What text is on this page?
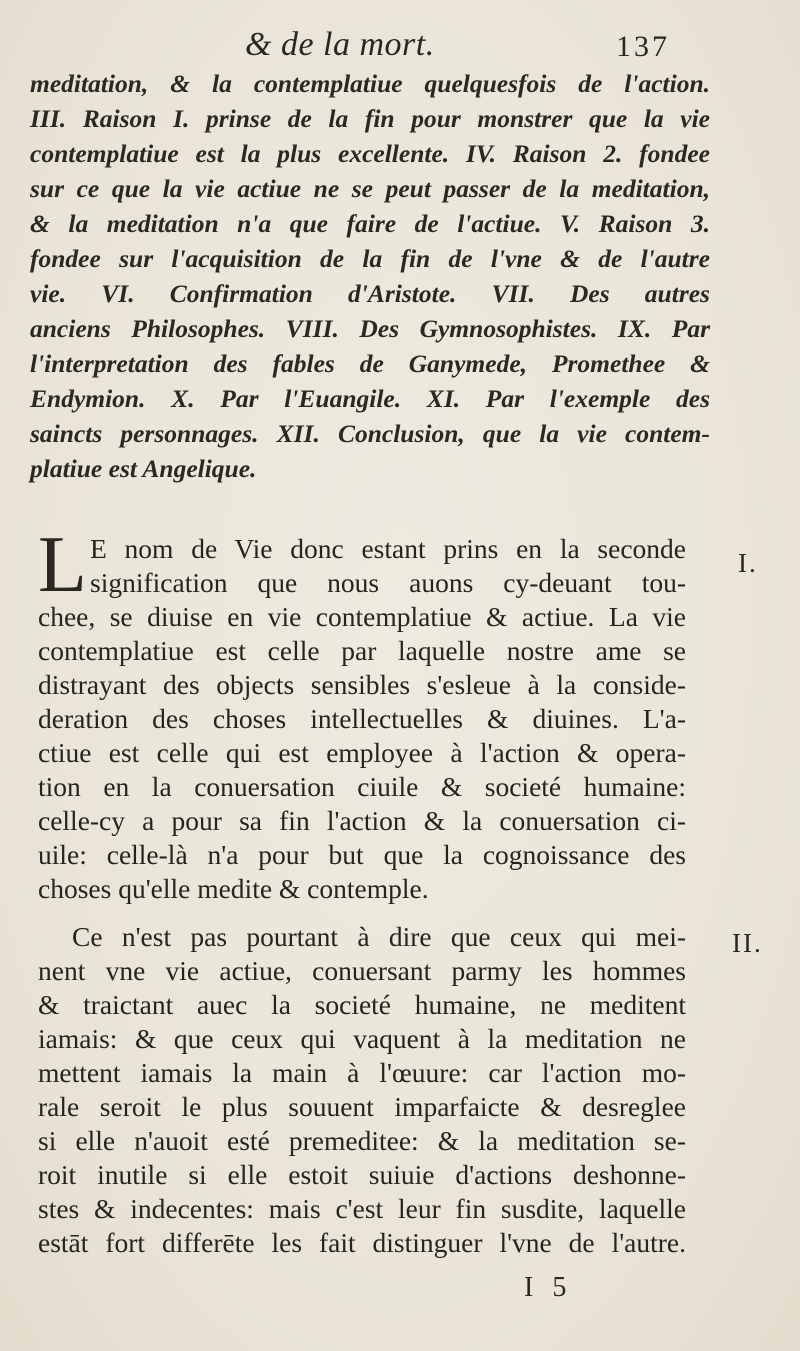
& de la mort.	137
meditation, & la contemplatiue quelquesfois de l'action.
III. Raison I. prinse de la fin pour monstrer que la vie
contemplatiue est la plus excellente. IV. Raison 2. fondee
sur ce que la vie actiue ne se peut passer de la meditation,
& la meditation n'a que faire de l'actiue. V. Raison 3.
fondee sur l'acquisition de la fin de l'vne & de l'autre
vie. VI. Confirmation d'Aristote. VII. Des autres
anciens Philosophes. VIII. Des Gymnosophistes. IX. Par
l'interpretation des fables de Ganymede, Promethee &
Endymion. X. Par l'Euangile. XI. Par l'exemple des
saincts personnages. XII. Conclusion, que la vie contem-
platiue est Angelique.
L E nom de Vie donc estant prins en la seconde
signification que nous auons cy-deuant tou-
chee, se diuise en vie contemplatiue & actiue. La vie
contemplatiue est celle par laquelle nostre ame se
distrayant des objects sensibles s'esleue à la conside-
deration des choses intellectuelles & diuines. L'a-
ctiue est celle qui est employee à l'action & opera-
tion en la conuersation ciuile & societé humaine:
celle-cy a pour sa fin l'action & la conuersation ci-
uile: celle-là n'a pour but que la cognoissance des
choses qu'elle medite & contemple.
I.
Ce n'est pas pourtant à dire que ceux qui mei-
nent vne vie actiue, conuersant parmy les hommes
& traictant auec la societé humaine, ne meditent
iamais: & que ceux qui vaquent à la meditation ne
mettent iamais la main à l'œuure: car l'action mo-
rale seroit le plus souuent imparfaicte & desreglee
si elle n'auoit esté premeditee: & la meditation se-
roit inutile si elle estoit suiuie d'actions deshonne-
stes & indecentes: mais c'est leur fin susdite, laquelle
estāt fort differēte les fait distinguer l'vne de l'autre.
II.
I 5
